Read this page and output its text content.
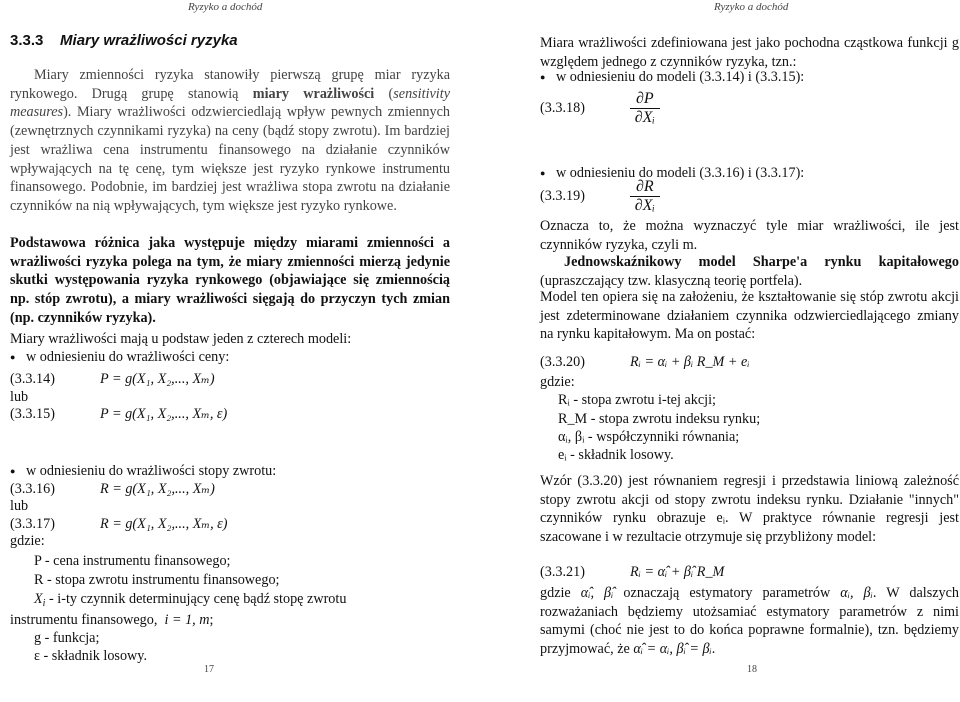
Ryzyko a dochód
3.3.3 Miary wrażliwości ryzyka
Miary zmienności ryzyka stanowiły pierwszą grupę miar ryzyka rynkowego. Drugą grupę stanowią miary wrażliwości (sensitivity measures). Miary wrażliwości odzwierciedlają wpływ pewnych zmiennych (zewnętrznych czynnikami ryzyka) na ceny (bądź stopy zwrotu). Im bardziej jest wrażliwa cena instrumentu finansowego na działanie czynników wpływających na tę cenę, tym większe jest ryzyko rynkowe instrumentu finansowego. Podobnie, im bardziej jest wrażliwa stopa zwrotu na działanie czynników na nią wpływających, tym większe jest ryzyko rynkowe.
Podstawowa różnica jaka występuje między miarami zmienności a wrażliwości ryzyka polega na tym, że miary zmienności mierzą jedynie skutki występowania ryzyka rynkowego (objawiające się zmiennością np. stóp zwrotu), a miary wrażliwości sięgają do przyczyn tych zmian (np. czynników ryzyka).
Miary wrażliwości mają u podstaw jeden z czterech modeli:
● w odniesieniu do wrażliwości ceny:
(3.3.14)	P = g(X₁, X₂,..., Xₘ)
lub
(3.3.15)	P = g(X₁, X₂,..., Xₘ, ε)
● w odniesieniu do wrażliwości stopy zwrotu:
(3.3.16)	R = g(X₁, X₂,..., Xₘ)
lub
(3.3.17)	R = g(X₁, X₂,..., Xₘ, ε)
gdzie:
P - cena instrumentu finansowego;
R - stopa zwrotu instrumentu finansowego;
$X_i - i-ty$ czynnik determinujący cenę bądź stopę zwrotu
instrumentu finansowego,
i = 1, m ;
g - funkcja;
ε - składnik losowy.
17
Ryzyko a dochód
Miara wrażliwości zdefiniowana jest jako pochodna cząstkowa funkcji g względem jednego z czynników ryzyka, tzn.:
● w odniesieniu do modeli (3.3.14) i (3.3.15):
(3.3.18)	$\frac{\partial P}{\text{∂Xᵢ}}$
● w odniesieniu do modeli (3.3.16) i (3.3.17):
(3.3.19)	$\frac{\partial R}{\text{∂Xᵢ}}$
Oznacza to, że można wyznaczyć tyle miar wrażliwości, ile jest czynników ryzyka, czyli m.
Jednowskaźnikowy model Sharpe'a rynku kapitałowego (upraszczający tzw. klasyczną teorię portfela).
Model ten opiera się na założeniu, że kształtowanie się stóp zwrotu akcji jest zdeterminowane działaniem czynnika odzwierciedlającego zmiany na rynku kapitałowym. Ma on postać:
(3.3.20)	Rᵢ = αᵢ + βᵢ R_M + eᵢ
gdzie:
Rᵢ - stopa zwrotu i-tej akcji;
R_M - stopa zwrotu indeksu rynku;
αᵢ, βᵢ - współczynniki równania;
eᵢ - składnik losowy.
Wzór (3.3.20) jest równaniem regresji i przedstawia liniową zależność stopy zwrotu akcji od stopy zwrotu indeksu rynku. Działanie "innych" czynników rynku obrazuje eᵢ. W praktyce równanie regresji jest szacowane i w rezultacie otrzymuje się przybliżony model:
(3.3.21)	Rᵢ = α̂ᵢ + β̂ᵢ R_M
gdzie α̂ᵢ, β̂ᵢ oznaczają estymatory parametrów αᵢ, βᵢ. W dalszych rozważaniach będziemy utożsamiać estymatory parametrów z nimi samymi (choć nie jest to do końca poprawne formalnie), tzn. będziemy przyjmować, że α̂ᵢ = αᵢ, β̂ᵢ = βᵢ.
18
